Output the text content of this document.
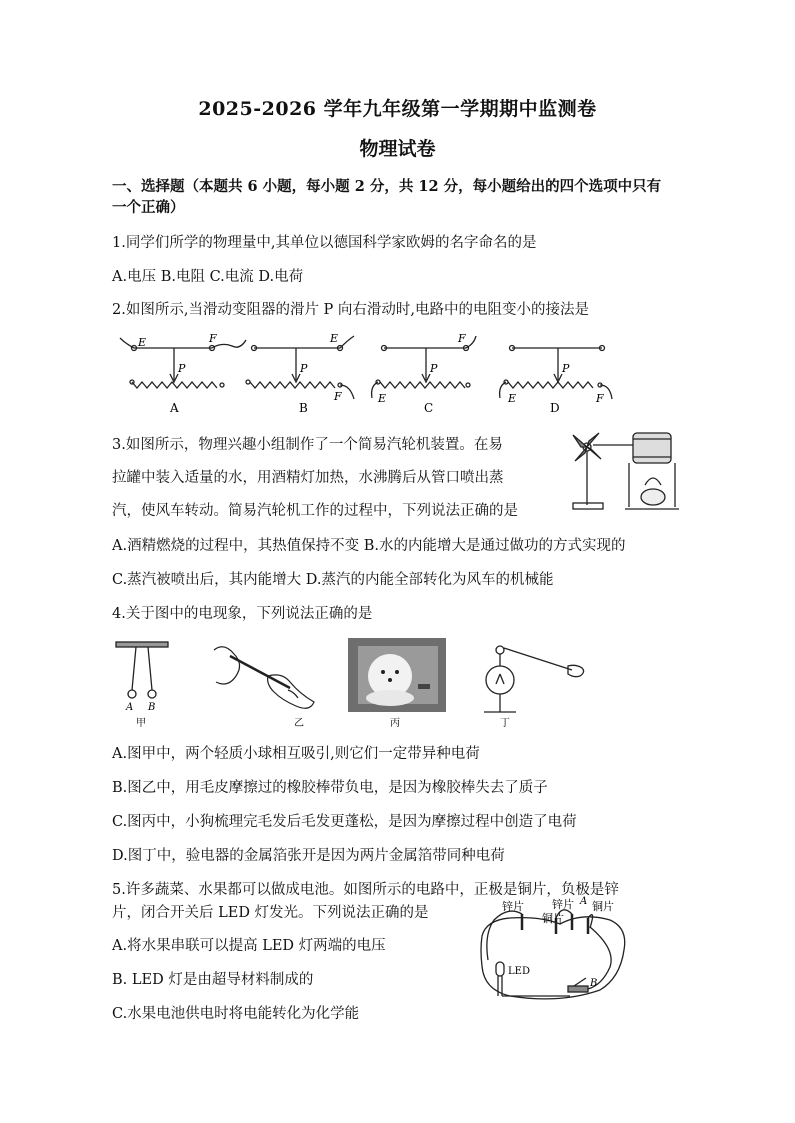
2025-2026 学年九年级第一学期期中监测卷
物理试卷
一、选择题（本题共 6 小题，每小题 2 分，共 12 分，每小题给出的四个选项中只有
一个正确）
1.同学们所学的物理量中,其单位以德国科学家欧姆的名字命名的是
A.电压 B.电阻 C.电流 D.电荷
2.如图所示,当滑动变阻器的滑片 P 向右滑动时,电路中的电阻变小的接法是
E	F
P
A
E
F
P
B
F
E
P
C
E	F
P
D
3.如图所示，物理兴趣小组制作了一个简易汽轮机装置。在易
拉罐中装入适量的水，用酒精灯加热，水沸腾后从管口喷出蒸
汽，使风车转动。简易汽轮机工作的过程中，下列说法正确的是
A.酒精燃烧的过程中，其热值保持不变 B.水的内能增大是通过做功的方式实现的
C.蒸汽被喷出后，其内能增大 D.蒸汽的内能全部转化为风车的机械能
4.关于图中的电现象，下列说法正确的是
A B
甲	乙	丙	丁
A.图甲中，两个轻质小球相互吸引,则它们一定带异种电荷
B.图乙中，用毛皮摩擦过的橡胶棒带负电，是因为橡胶棒失去了质子
C.图丙中，小狗梳理完毛发后毛发更蓬松，是因为摩擦过程中创造了电荷
D.图丁中，验电器的金属箔张开是因为两片金属箔带同种电荷
5.许多蔬菜、水果都可以做成电池。如图所示的电路中，正极是铜片，负极是锌
片，闭合开关后 LED 灯发光。下列说法正确的是
A.将水果串联可以提高 LED 灯两端的电压
B. LED 灯是由超导材料制成的
C.水果电池供电时将电能转化为化学能
锌片	锌片
铜片
铜片
A
LED
B
